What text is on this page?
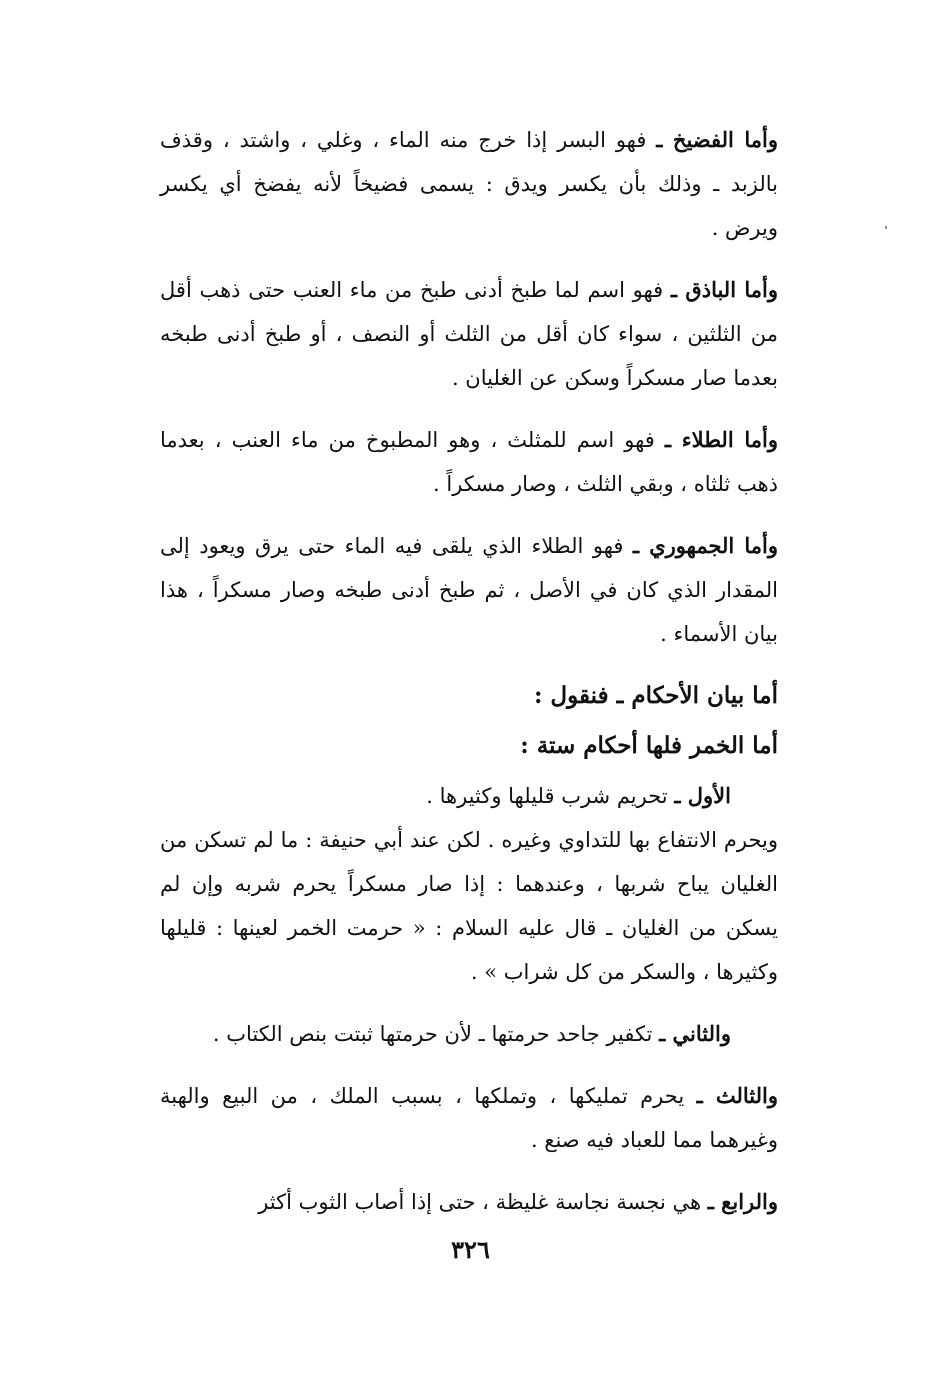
وأما الفضيخ ـ فهو البسر إذا خرج منه الماء ، وغلي ، واشتد ، وقذف بالزبد ـ وذلك بأن يكسر ويدق : يسمى فضيخاً لأنه يفضخ أي يكسر ويرض .

وأما الباذق ـ فهو اسم لما طبخ أدنى طبخ من ماء العنب حتى ذهب أقل من الثلثين ، سواء كان أقل من الثلث أو النصف ، أو طبخ أدنى طبخه بعدما صار مسكراً وسكن عن الغليان .

وأما الطلاء ـ فهو اسم للمثلث ، وهو المطبوخ من ماء العنب ، بعدما ذهب ثلثاه ، وبقي الثلث ، وصار مسكراً .

وأما الجمهوري ـ فهو الطلاء الذي يلقى فيه الماء حتى يرق ويعود إلى المقدار الذي كان في الأصل ، ثم طبخ أدنى طبخه وصار مسكراً ، هذا بيان الأسماء .

أما بيان الأحكام ـ فنقول :
أما الخمر فلها أحكام ستة :

الأول ـ تحريم شرب قليلها وكثيرها .

ويحرم الانتفاع بها للتداوي وغيره . لكن عند أبي حنيفة : ما لم تسكن من الغليان يباح شربها ، وعندهما : إذا صار مسكراً يحرم شربه وإن لم يسكن من الغليان ـ قال عليه السلام : « حرمت الخمر لعينها : قليلها وكثيرها ، والسكر من كل شراب » .

والثاني ـ تكفير جاحد حرمتها ـ لأن حرمتها ثبتت بنص الكتاب .

والثالث ـ يحرم تمليكها ، وتملكها ، بسبب الملك ، من البيع والهبة وغيرهما مما للعباد فيه صنع .

والرابع ـ هي نجسة نجاسة غليظة ، حتى إذا أصاب الثوب أكثر

٣٢٦
